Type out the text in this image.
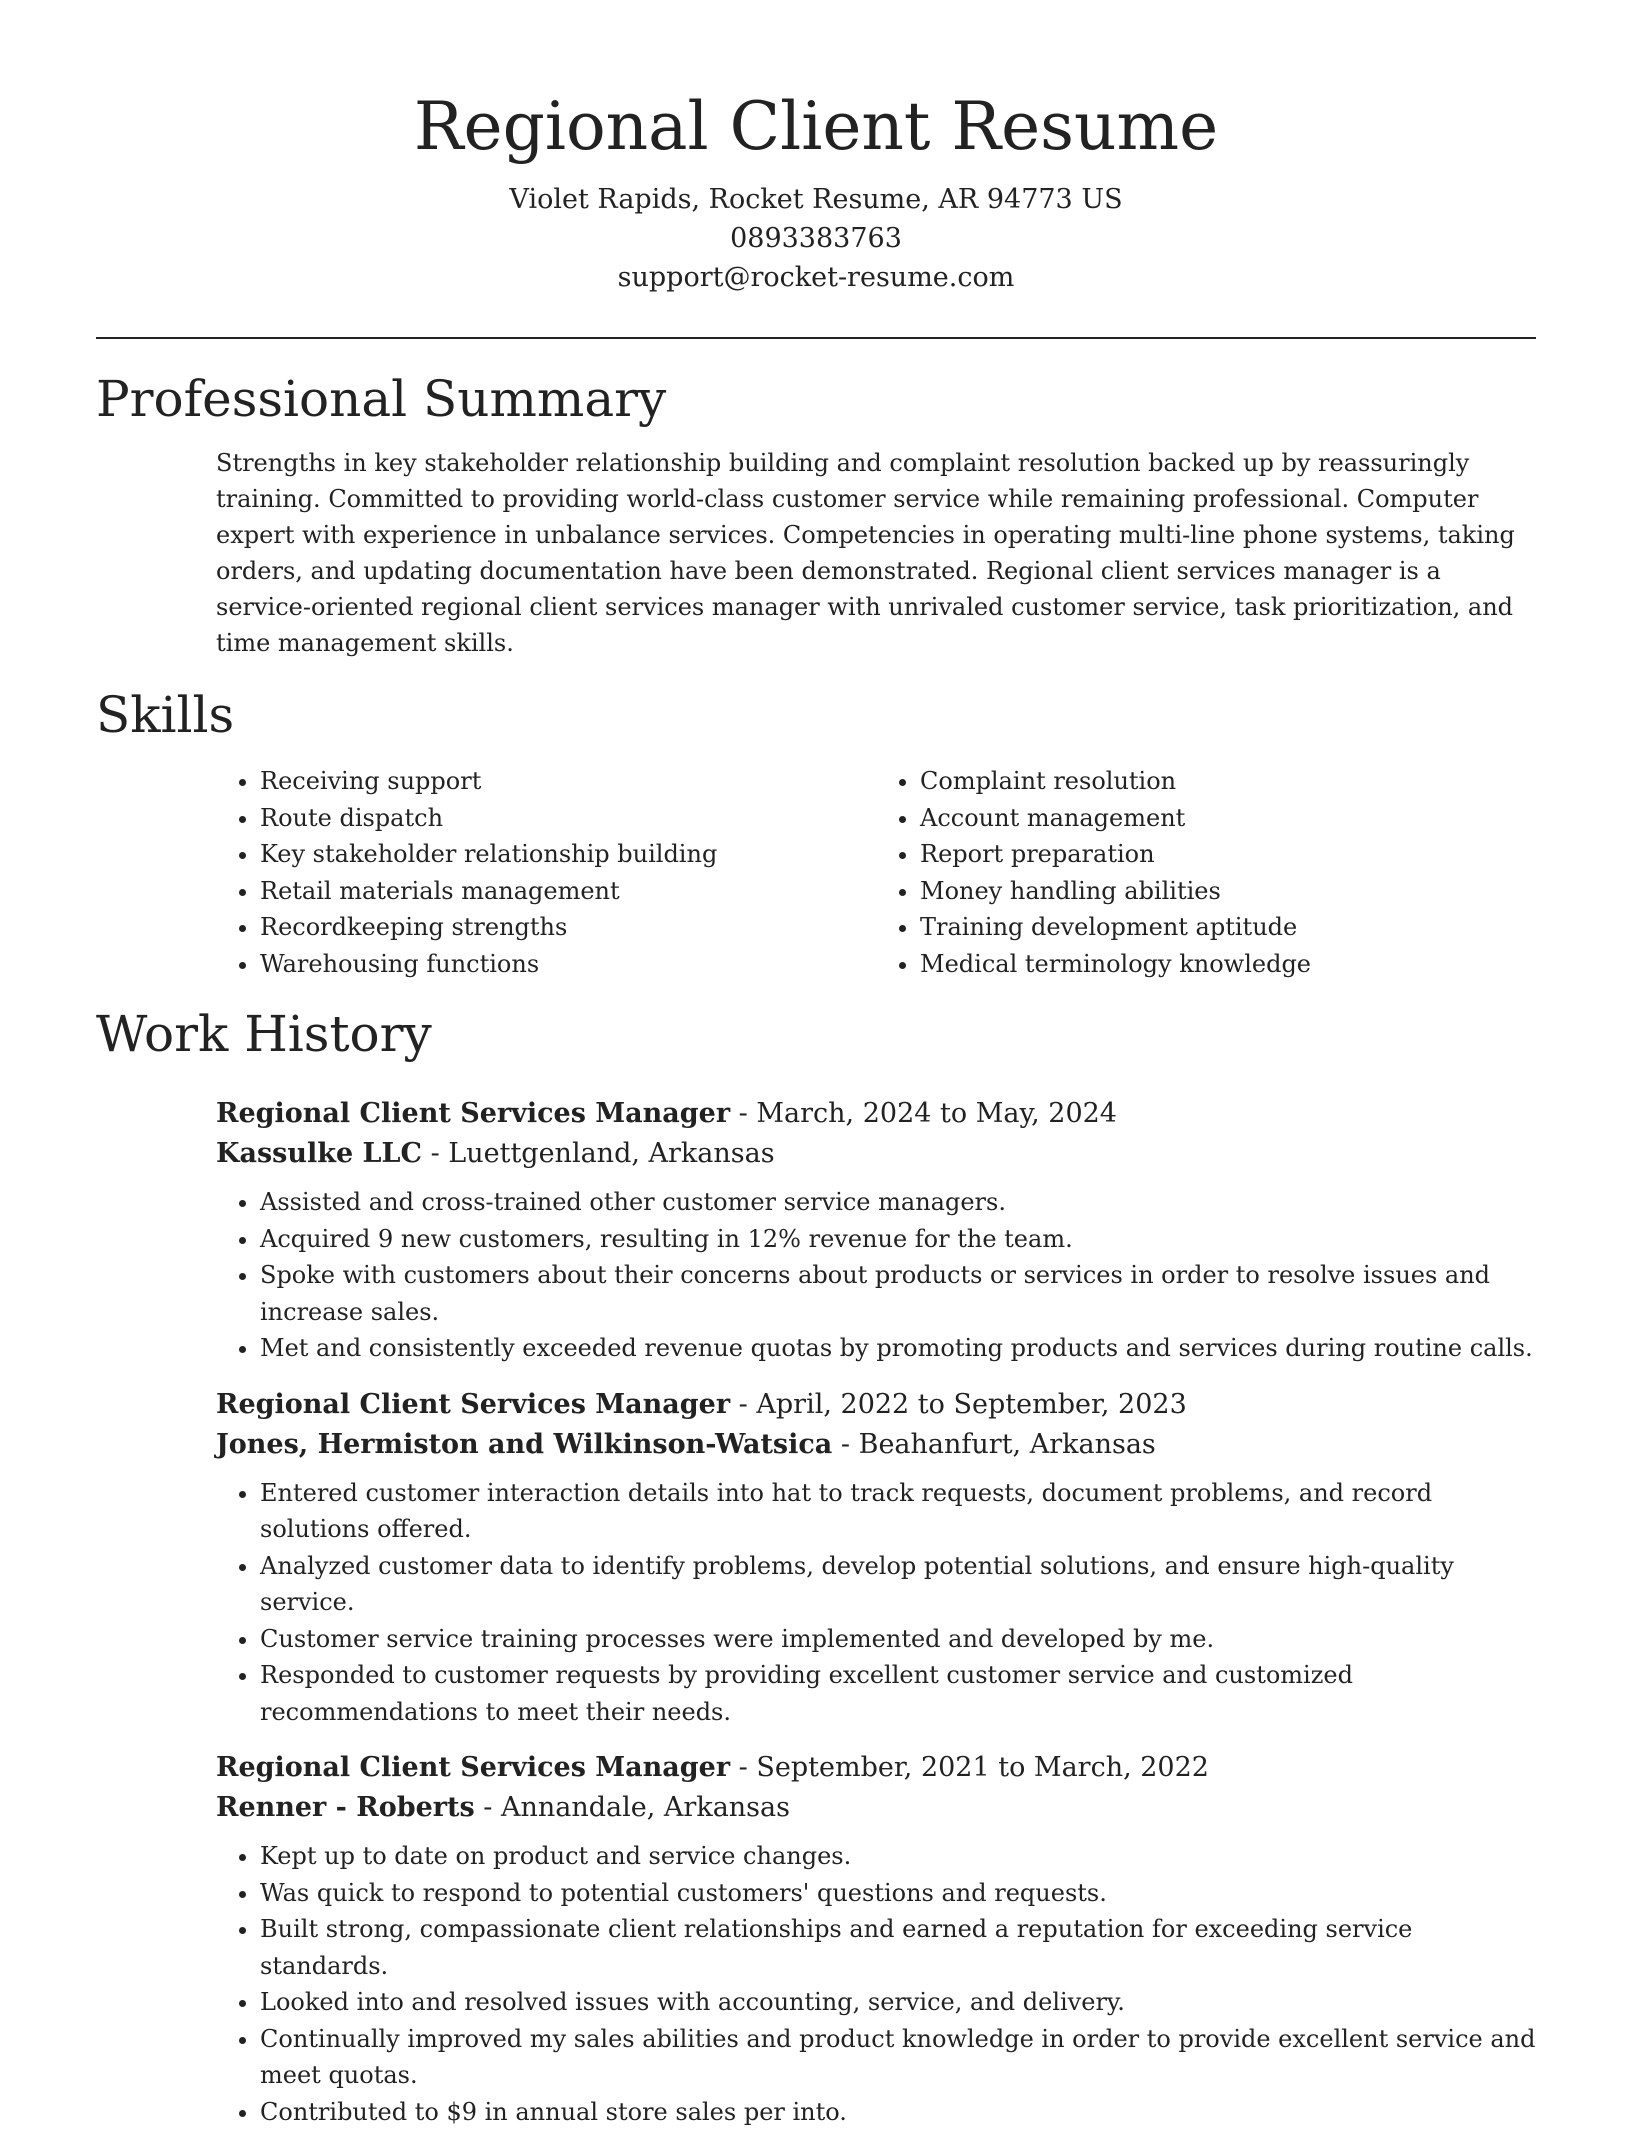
Regional Client Resume

Violet Rapids, Rocket Resume, AR 94773 US

0893383763

support@rocket-resume.com

Professional Summary

Strengths in key stakeholder relationship building and complaint resolution backed up by reassuringly training. Committed to providing world-class customer service while remaining professional. Computer expert with experience in unbalance services. Competencies in operating multi-line phone systems, taking orders, and updating documentation have been demonstrated. Regional client services manager is a service-oriented regional client services manager with unrivaled customer service, task prioritization, and time management skills.

Skills
• Receiving support
• Route dispatch
• Key stakeholder relationship building
• Retail materials management
• Recordkeeping strengths
• Warehousing functions
• Complaint resolution
• Account management
• Report preparation
• Money handling abilities
• Training development aptitude
• Medical terminology knowledge
Work History

Regional Client Services Manager - March, 2024 to May, 2024

Kassulke LLC - Luettgenland, Arkansas

• Assisted and cross-trained other customer service managers.
• Acquired 9 new customers, resulting in 12% revenue for the team.
• Spoke with customers about their concerns about products or services in order to resolve issues and increase sales.
• Met and consistently exceeded revenue quotas by promoting products and services during routine calls.

Regional Client Services Manager - April, 2022 to September, 2023

Jones, Hermiston and Wilkinson-Watsica - Beahanfurt, Arkansas

• Entered customer interaction details into hat to track requests, document problems, and record solutions offered.
• Analyzed customer data to identify problems, develop potential solutions, and ensure high-quality service.
• Customer service training processes were implemented and developed by me.
• Responded to customer requests by providing excellent customer service and customized recommendations to meet their needs.

Regional Client Services Manager - September, 2021 to March, 2022

Renner - Roberts - Annandale, Arkansas

• Kept up to date on product and service changes.
• Was quick to respond to potential customers' questions and requests.
• Built strong, compassionate client relationships and earned a reputation for exceeding service standards.
• Looked into and resolved issues with accounting, service, and delivery.
• Continually improved my sales abilities and product knowledge in order to provide excellent service and meet quotas.
• Contributed to $9 in annual store sales per into.
